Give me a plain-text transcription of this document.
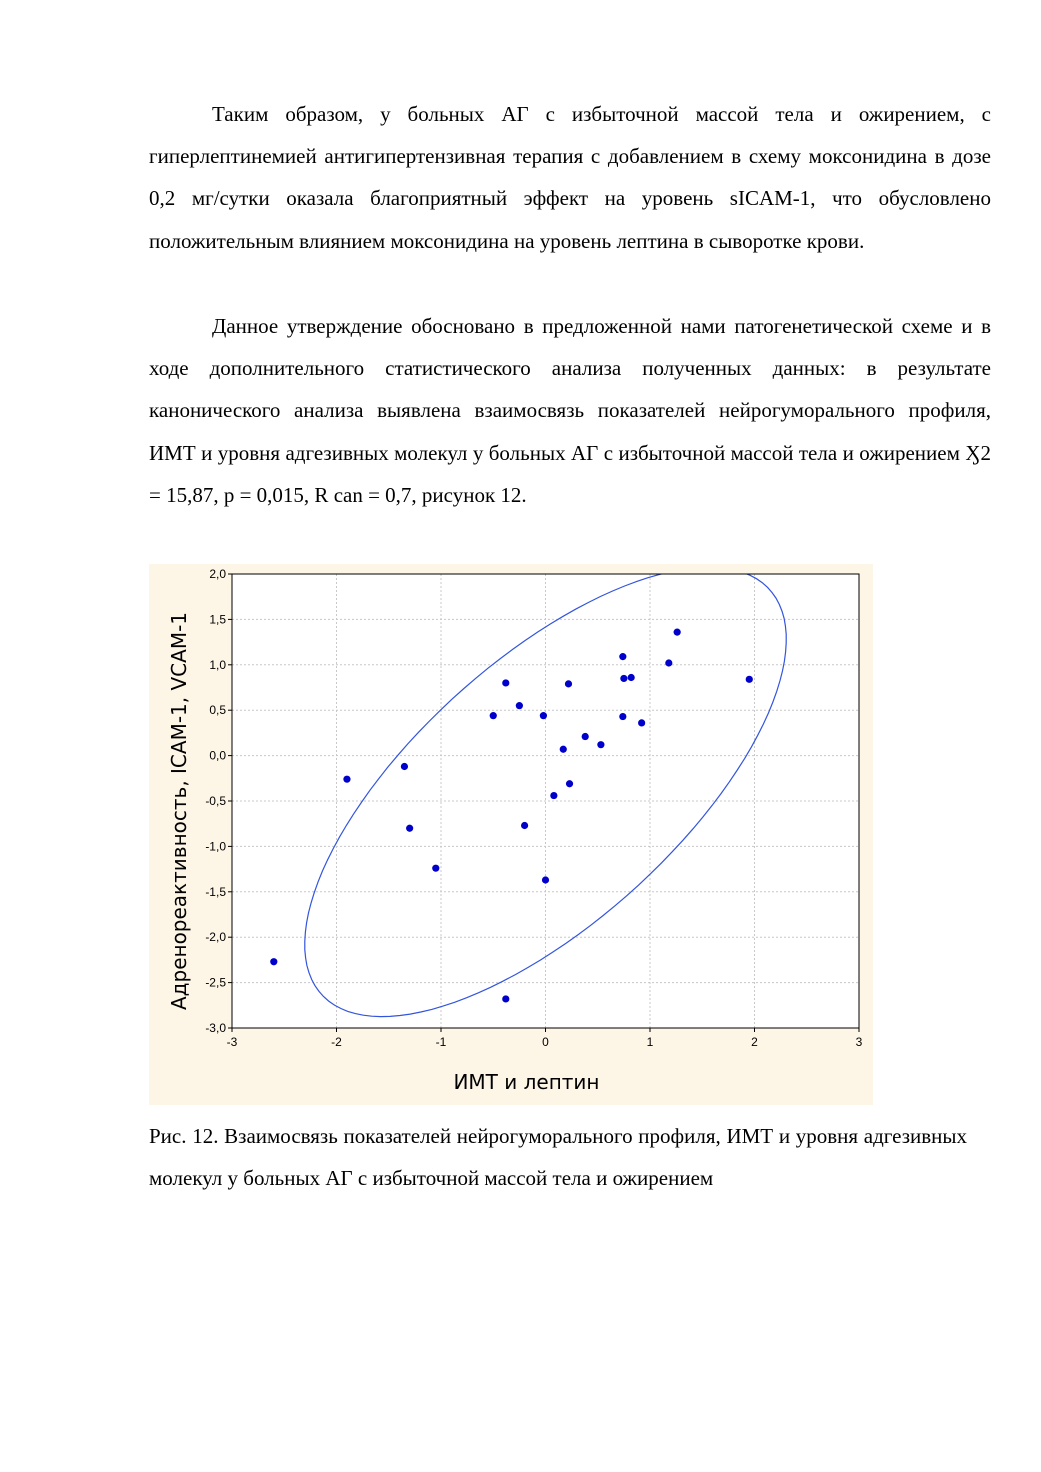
Таким образом, у больных АГ с избыточной массой тела и ожирением, с гиперлептинемией антигипертензивная терапия с добавлением в схему моксонидина в дозе 0,2 мг/сутки оказала благоприятный эффект на уровень sICAM-1, что обусловлено положительным влиянием моксонидина на уровень лептина в сыворотке крови.

Данное утверждение обосновано в предложенной нами патогенетической схеме и в ходе дополнительного статистического анализа полученных данных: в результате канонического анализа выявлена взаимосвязь показателей нейрогуморального профиля, ИМТ и уровня адгезивных молекул у больных АГ с избыточной массой тела и ожирением Ӽ2 = 15,87, p = 0,015, R can = 0,7, рисунок 12.

-3	-2	-1	0	1	2	3
2,0
1,5
1,0
0,5
0,0
-0,5
-1,0
-1,5
-2,0
-2,5
-3,0
ИМТ и лептин
Адренореактивность, ICAM-1, VCAM-1

Рис. 12. Взаимосвязь показателей нейрогуморального профиля, ИМТ и уровня адгезивных молекул у больных АГ с избыточной массой тела и ожирением
